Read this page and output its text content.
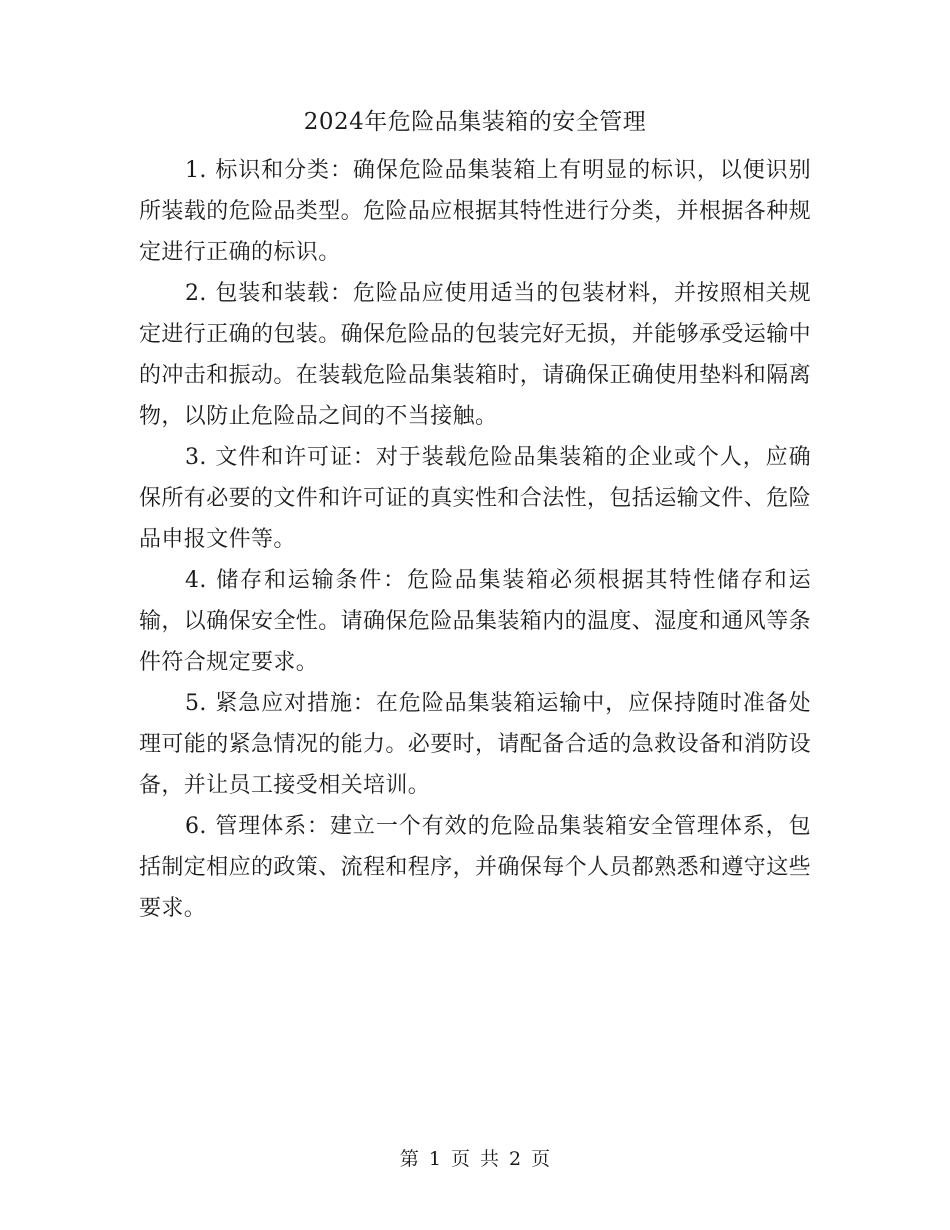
2024年危险品集装箱的安全管理

1. 标识和分类：确保危险品集装箱上有明显的标识，以便识别所装载的危险品类型。危险品应根据其特性进行分类，并根据各种规定进行正确的标识。

2. 包装和装载：危险品应使用适当的包装材料，并按照相关规定进行正确的包装。确保危险品的包装完好无损，并能够承受运输中的冲击和振动。在装载危险品集装箱时，请确保正确使用垫料和隔离物，以防止危险品之间的不当接触。

3. 文件和许可证：对于装载危险品集装箱的企业或个人，应确保所有必要的文件和许可证的真实性和合法性，包括运输文件、危险品申报文件等。

4. 储存和运输条件：危险品集装箱必须根据其特性储存和运输，以确保安全性。请确保危险品集装箱内的温度、湿度和通风等条件符合规定要求。

5. 紧急应对措施：在危险品集装箱运输中，应保持随时准备处理可能的紧急情况的能力。必要时，请配备合适的急救设备和消防设备，并让员工接受相关培训。

6. 管理体系：建立一个有效的危险品集装箱安全管理体系，包括制定相应的政策、流程和程序，并确保每个人员都熟悉和遵守这些要求。

第 1 页 共 2 页
